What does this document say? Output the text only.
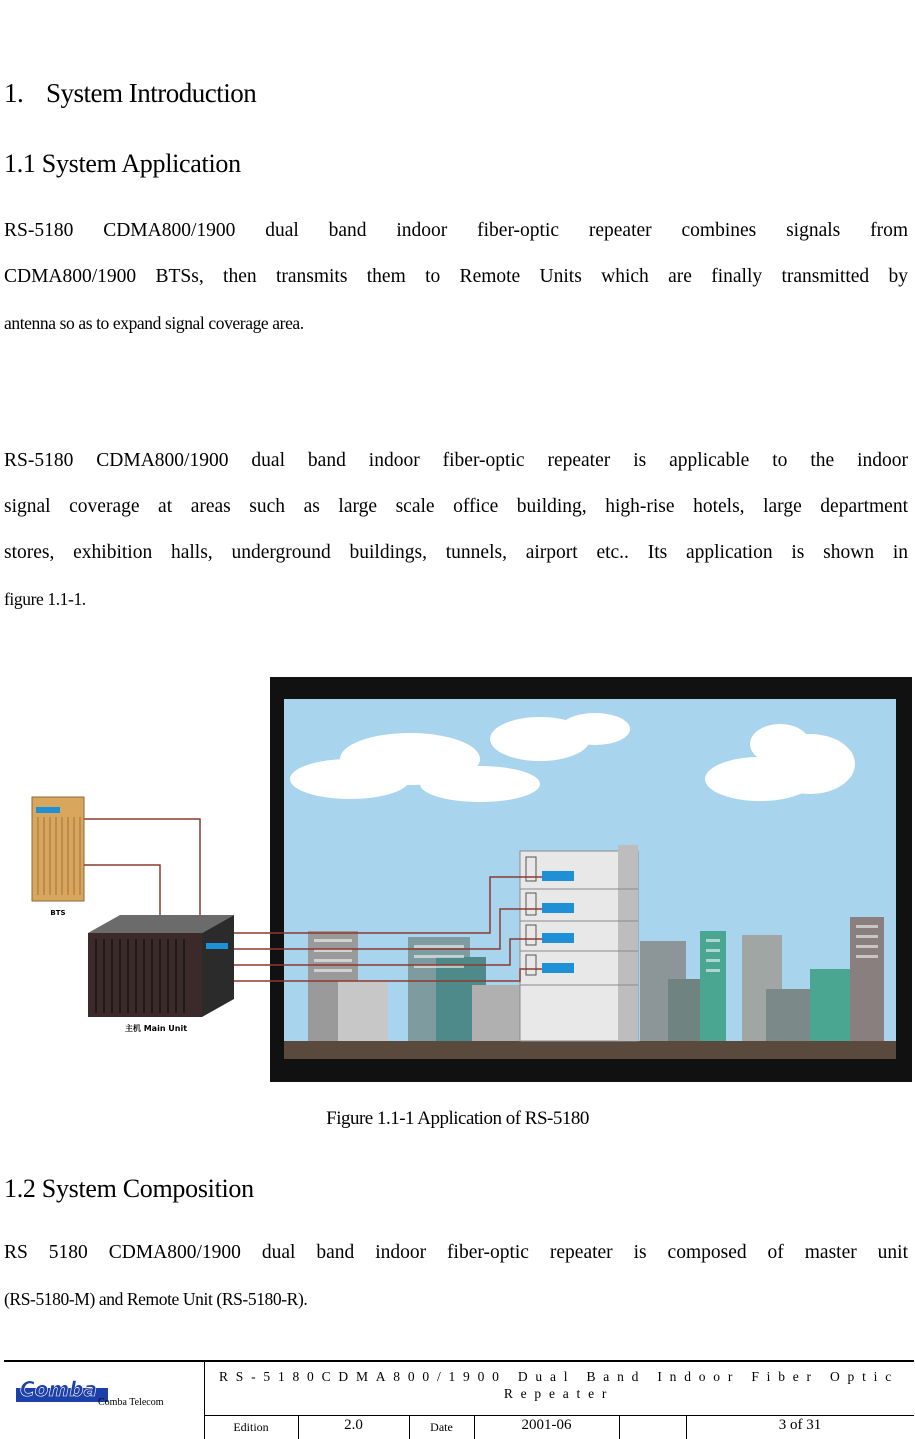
1. System Introduction
1.1 System Application
RS-5180 CDMA800/1900 dual band indoor fiber-optic repeater combines signals from
CDMA800/1900 BTSs, then transmits them to Remote Units which are finally transmitted by
antenna so as to expand signal coverage area.
RS-5180 CDMA800/1900 dual band indoor fiber-optic repeater is applicable to the indoor
signal coverage at areas such as large scale office building, high-rise hotels, large department
stores, exhibition halls, underground buildings, tunnels, airport etc.. Its application is shown in
figure 1.1-1.
BTS
主机 Main Unit
Figure 1.1-1 Application of RS-5180
1.2 System Composition
RS 5180 CDMA800/1900 dual band indoor fiber-optic repeater is composed of master unit
(RS-5180-M) and Remote Unit (RS-5180-R).
Comba
Comba Telecom
RS-5180CDMA800/1900 Dual Band Indoor Fiber Optic Repeater
Edition	2.0	Date	2001-06	3 of 31
